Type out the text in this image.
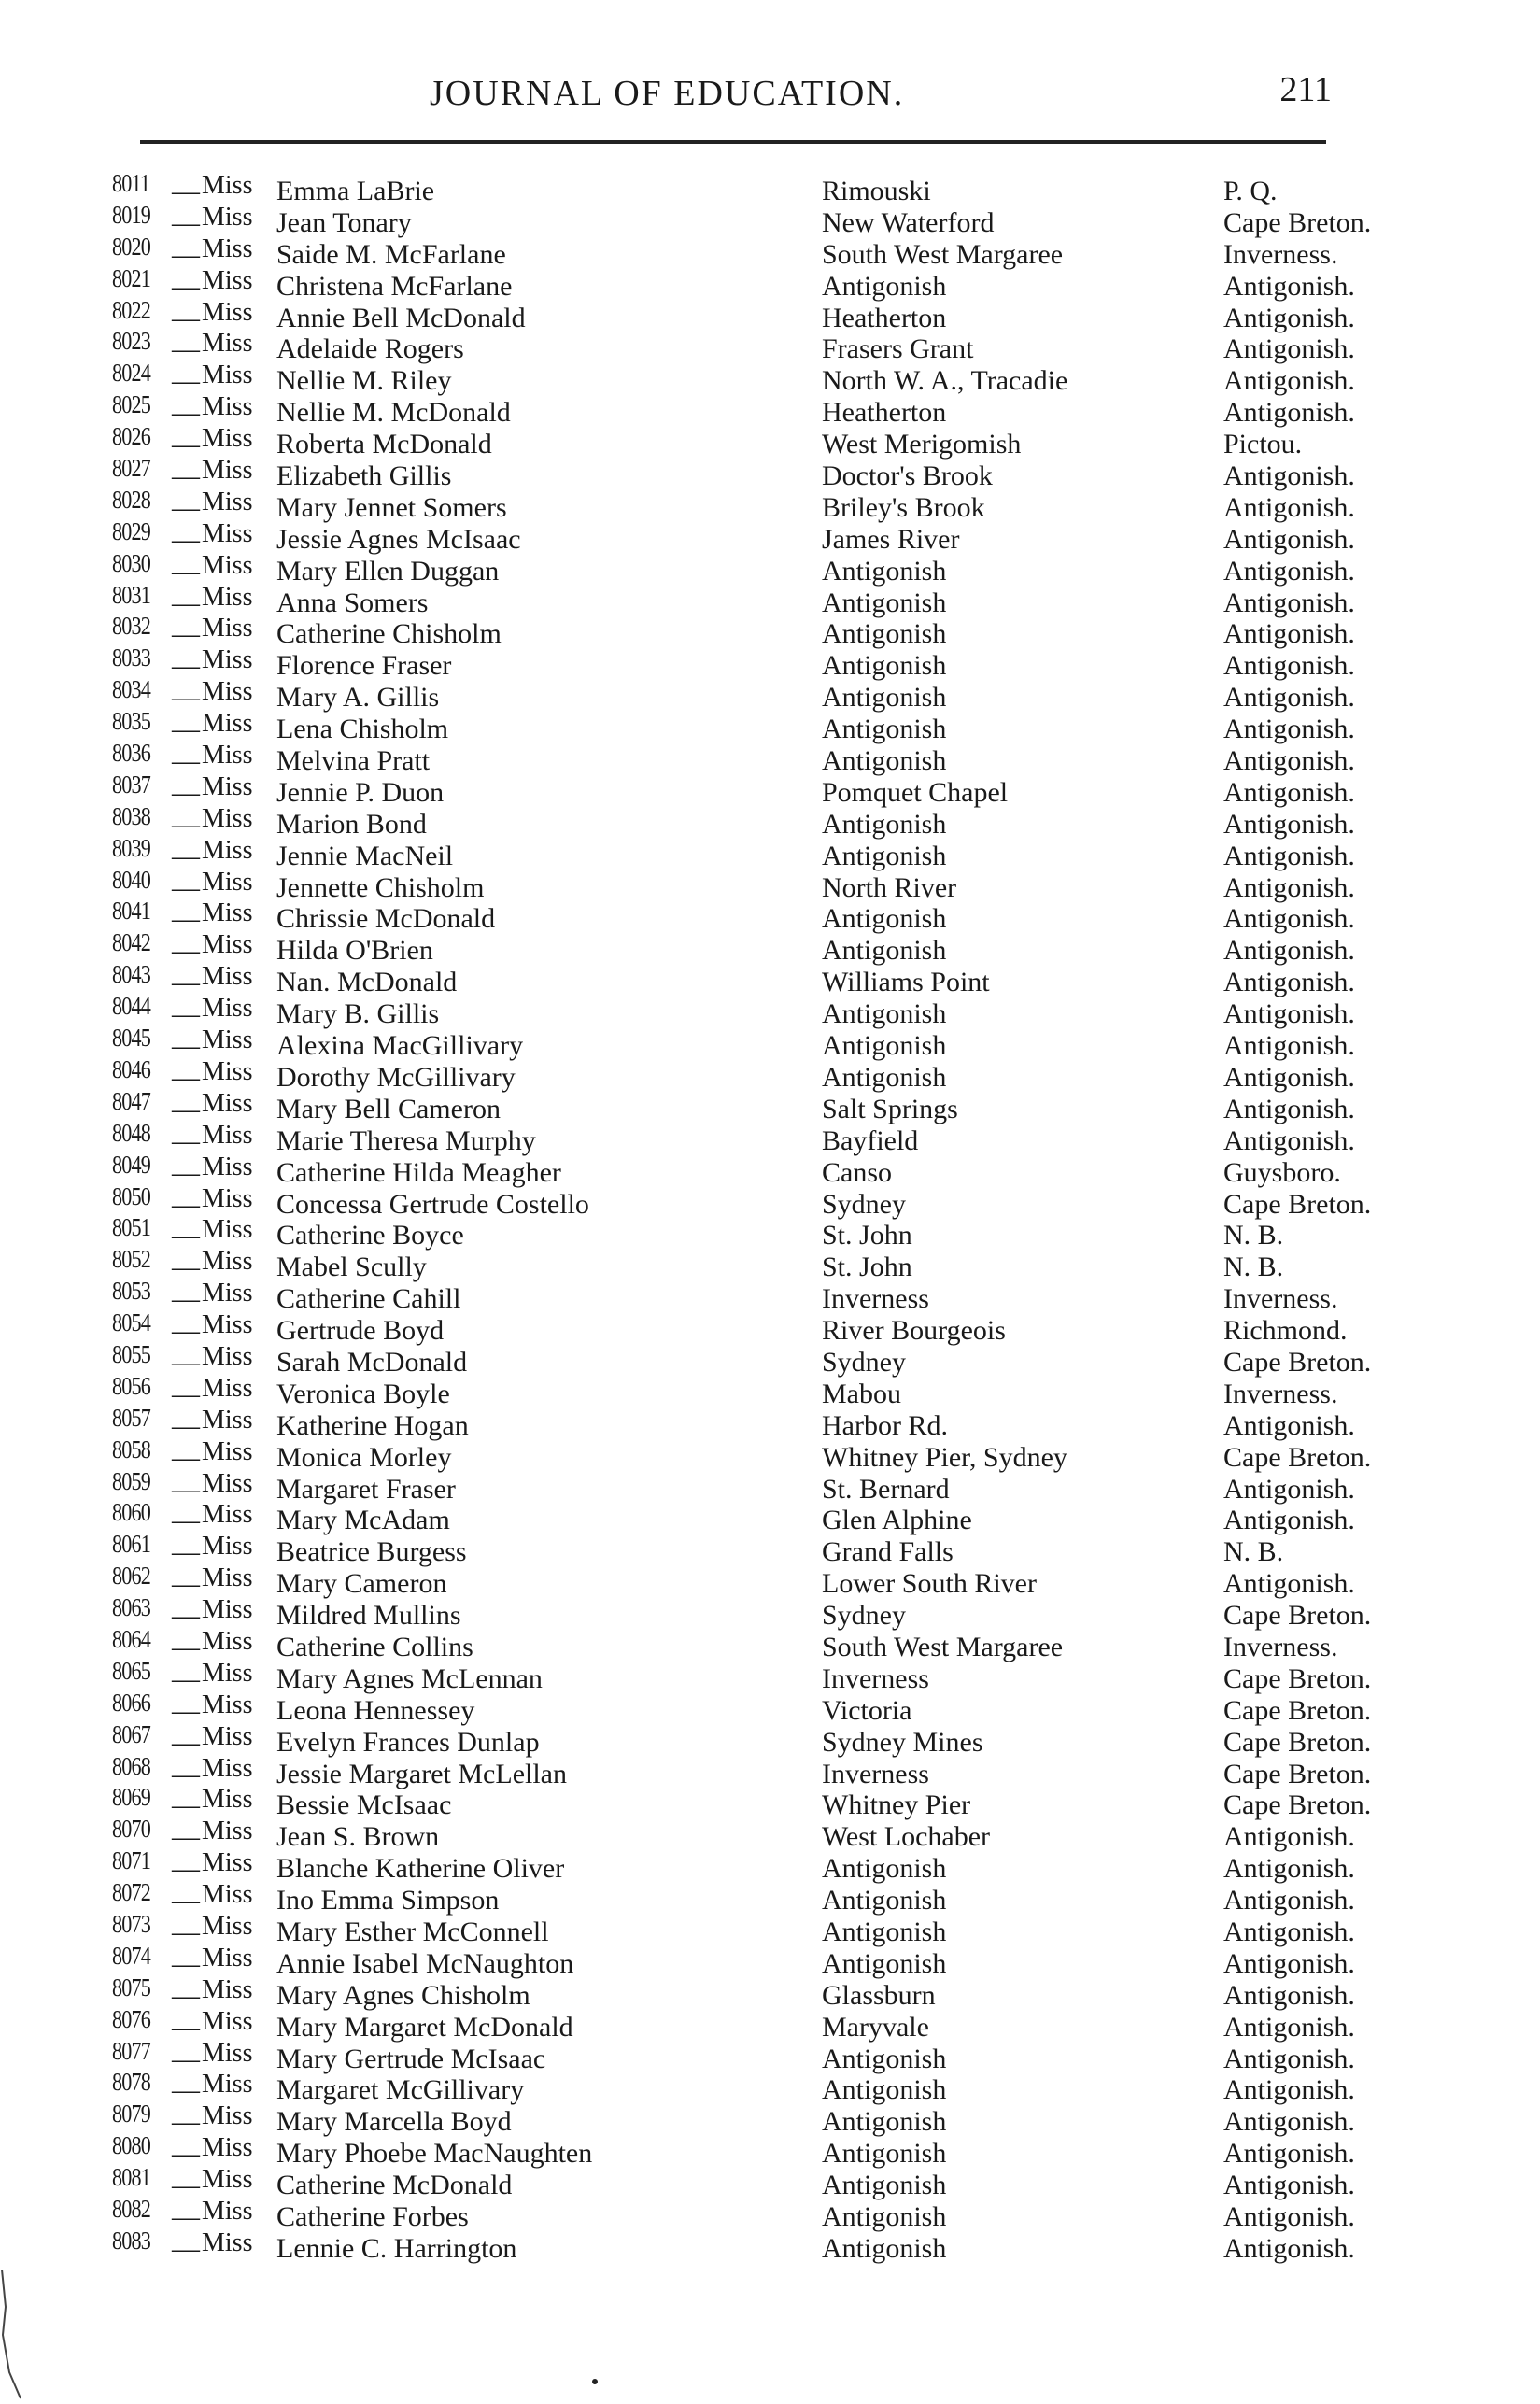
JOURNAL OF EDUCATION.	211
8011 — Miss Emma LaBrie	Rimouski	P. Q.
8019 — Miss Jean Tonary	New Waterford	Cape Breton.
8020 — Miss Saide M. McFarlane	South West Margaree	Inverness.
8021 — Miss Christena McFarlane	Antigonish	Antigonish.
8022 — Miss Annie Bell McDonald	Heatherton	Antigonish.
8023 — Miss Adelaide Rogers	Frasers Grant	Antigonish.
8024 — Miss Nellie M. Riley	North W. A., Tracadie	Antigonish.
8025 — Miss Nellie M. McDonald	Heatherton	Antigonish.
8026 — Miss Roberta McDonald	West Merigomish	Pictou.
8027 — Miss Elizabeth Gillis	Doctor's Brook	Antigonish.
8028 — Miss Mary Jennet Somers	Briley's Brook	Antigonish.
8029 — Miss Jessie Agnes McIsaac	James River	Antigonish.
8030 — Miss Mary Ellen Duggan	Antigonish	Antigonish.
8031 — Miss Anna Somers	Antigonish	Antigonish.
8032 — Miss Catherine Chisholm	Antigonish	Antigonish.
8033 — Miss Florence Fraser	Antigonish	Antigonish.
8034 — Miss Mary A. Gillis	Antigonish	Antigonish.
8035 — Miss Lena Chisholm	Antigonish	Antigonish.
8036 — Miss Melvina Pratt	Antigonish	Antigonish.
8037 — Miss Jennie P. Duon	Pomquet Chapel	Antigonish.
8038 — Miss Marion Bond	Antigonish	Antigonish.
8039 — Miss Jennie MacNeil	Antigonish	Antigonish.
8040 — Miss Jennette Chisholm	North River	Antigonish.
8041 — Miss Chrissie McDonald	Antigonish	Antigonish.
8042 — Miss Hilda O'Brien	Antigonish	Antigonish.
8043 — Miss Nan. McDonald	Williams Point	Antigonish.
8044 — Miss Mary B. Gillis	Antigonish	Antigonish.
8045 — Miss Alexina MacGillivary	Antigonish	Antigonish.
8046 — Miss Dorothy McGillivary	Antigonish	Antigonish.
8047 — Miss Mary Bell Cameron	Salt Springs	Antigonish.
8048 — Miss Marie Theresa Murphy	Bayfield	Antigonish.
8049 — Miss Catherine Hilda Meagher	Canso	Guysboro.
8050 — Miss Concessa Gertrude Costello	Sydney	Cape Breton.
8051 — Miss Catherine Boyce	St. John	N. B.
8052 — Miss Mabel Scully	St. John	N. B.
8053 — Miss Catherine Cahill	Inverness	Inverness.
8054 — Miss Gertrude Boyd	River Bourgeois	Richmond.
8055 — Miss Sarah McDonald	Sydney	Cape Breton.
8056 — Miss Veronica Boyle	Mabou	Inverness.
8057 — Miss Katherine Hogan	Harbor Rd.	Antigonish.
8058 — Miss Monica Morley	Whitney Pier, Sydney	Cape Breton.
8059 — Miss Margaret Fraser	St. Bernard	Antigonish.
8060 — Miss Mary McAdam	Glen Alphine	Antigonish.
8061 — Miss Beatrice Burgess	Grand Falls	N. B.
8062 — Miss Mary Cameron	Lower South River	Antigonish.
8063 — Miss Mildred Mullins	Sydney	Cape Breton.
8064 — Miss Catherine Collins	South West Margaree	Inverness.
8065 — Miss Mary Agnes McLennan	Inverness	Cape Breton.
8066 — Miss Leona Hennessey	Victoria	Cape Breton.
8067 — Miss Evelyn Frances Dunlap	Sydney Mines	Cape Breton.
8068 — Miss Jessie Margaret McLellan	Inverness	Cape Breton.
8069 — Miss Bessie McIsaac	Whitney Pier	Cape Breton.
8070 — Miss Jean S. Brown	West Lochaber	Antigonish.
8071 — Miss Blanche Katherine Oliver	Antigonish	Antigonish.
8072 — Miss Ino Emma Simpson	Antigonish	Antigonish.
8073 — Miss Mary Esther McConnell	Antigonish	Antigonish.
8074 — Miss Annie Isabel McNaughton	Antigonish	Antigonish.
8075 — Miss Mary Agnes Chisholm	Glassburn	Antigonish.
8076 — Miss Mary Margaret McDonald	Maryvale	Antigonish.
8077 — Miss Mary Gertrude McIsaac	Antigonish	Antigonish.
8078 — Miss Margaret McGillivary	Antigonish	Antigonish.
8079 — Miss Mary Marcella Boyd	Antigonish	Antigonish.
8080 — Miss Mary Phoebe MacNaughten	Antigonish	Antigonish.
8081 — Miss Catherine McDonald	Antigonish	Antigonish.
8082 — Miss Catherine Forbes	Antigonish	Antigonish.
8083 — Miss Lennie C. Harrington	Antigonish	Antigonish.
